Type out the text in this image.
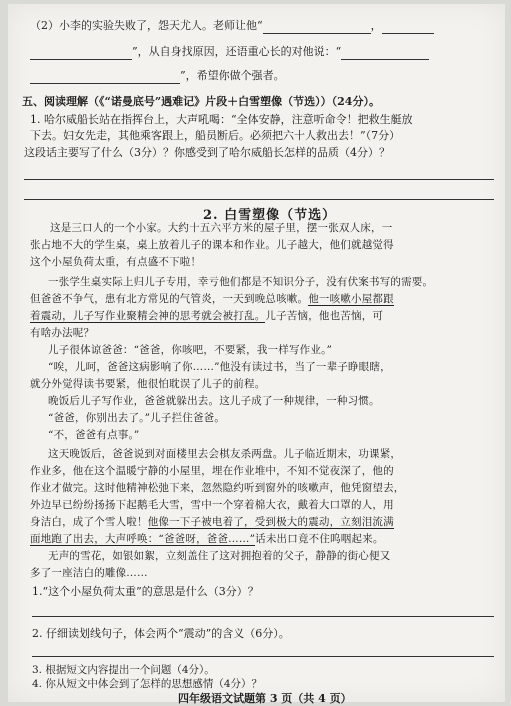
（2）小李的实验失败了，怨天尤人。老师让他“	，
”，从自身找原因，还语重心长的对他说：“
”，希望你做个强者。
五、阅读理解（《“诺曼底号”遇难记》片段＋白雪塑像（节选））（24分）。
1. 哈尔威船长站在指挥台上，大声吼喝：“全体安静，注意听命令！把救生艇放
下去。妇女先走，其他乘客跟上，船员断后。必须把六十人救出去！”（7分）
这段话主要写了什么（3分）？你感受到了哈尔威船长怎样的品质（4分）？
2. 白雪塑像（节选）
这是三口人的一个小家。大约十五六平方米的屋子里，摆一张双人床，一
张占地不大的学生桌，桌上放着儿子的课本和作业。儿子越大，他们就越觉得
这个小屋负荷太重，有点盛不下啦！
一张学生桌实际上归儿子专用，幸亏他们都是不知识分子，没有伏案书写的需要。
但爸爸不争气，患有北方常见的气管炎，一天到晚总咳嗽。他一咳嗽小屋都跟
着震动，儿子写作业聚精会神的思考就会被打乱。儿子苦恼，他也苦恼，可
有啥办法呢？
儿子很体谅爸爸：“爸爸，你咳吧，不要紧，我一样写作业。”
“唉，儿呵，爸爸这病影响了你……”他没有读过书，当了一辈子睁眼瞎，
就分外觉得读书要紧，他很怕耽误了儿子的前程。
晚饭后儿子写作业，爸爸就躲出去。这儿子成了一种规律，一种习惯。
“爸爸，你别出去了。”儿子拦住爸爸。
“不，爸爸有点事。”
这天晚饭后，爸爸说到对面楼里去会棋友杀两盘。儿子临近期末，功课紧，
作业多，他在这个温暖宁静的小屋里，埋在作业堆中，不知不觉夜深了，他的
作业才做完。这时他精神松弛下来，忽然隐约听到窗外的咳嗽声，他凭窗望去，
外边早已纷纷扬扬下起鹅毛大雪，雪中一个穿着棉大衣，戴着大口罩的人，用
身洁白，成了个雪人啦！他像一下子被电着了，受到极大的震动，立刻泪流满
面地跑了出去，大声呼唤：“爸爸呀，爸爸……”话未出口竟不住呜咽起来。
无声的雪花，如银如絮，立刻盖住了这对拥抱着的父子，静静的街心便又
多了一座洁白的雕像……
1.“这个小屋负荷太重”的意思是什么（3分）？
2. 仔细读划线句子，体会两个“震动”的含义（6分）。
3. 根据短文内容提出一个问题（4分）。
4. 你从短文中体会到了怎样的思想感情（4分）？
四年级语文试题第 3 页（共 4 页）
